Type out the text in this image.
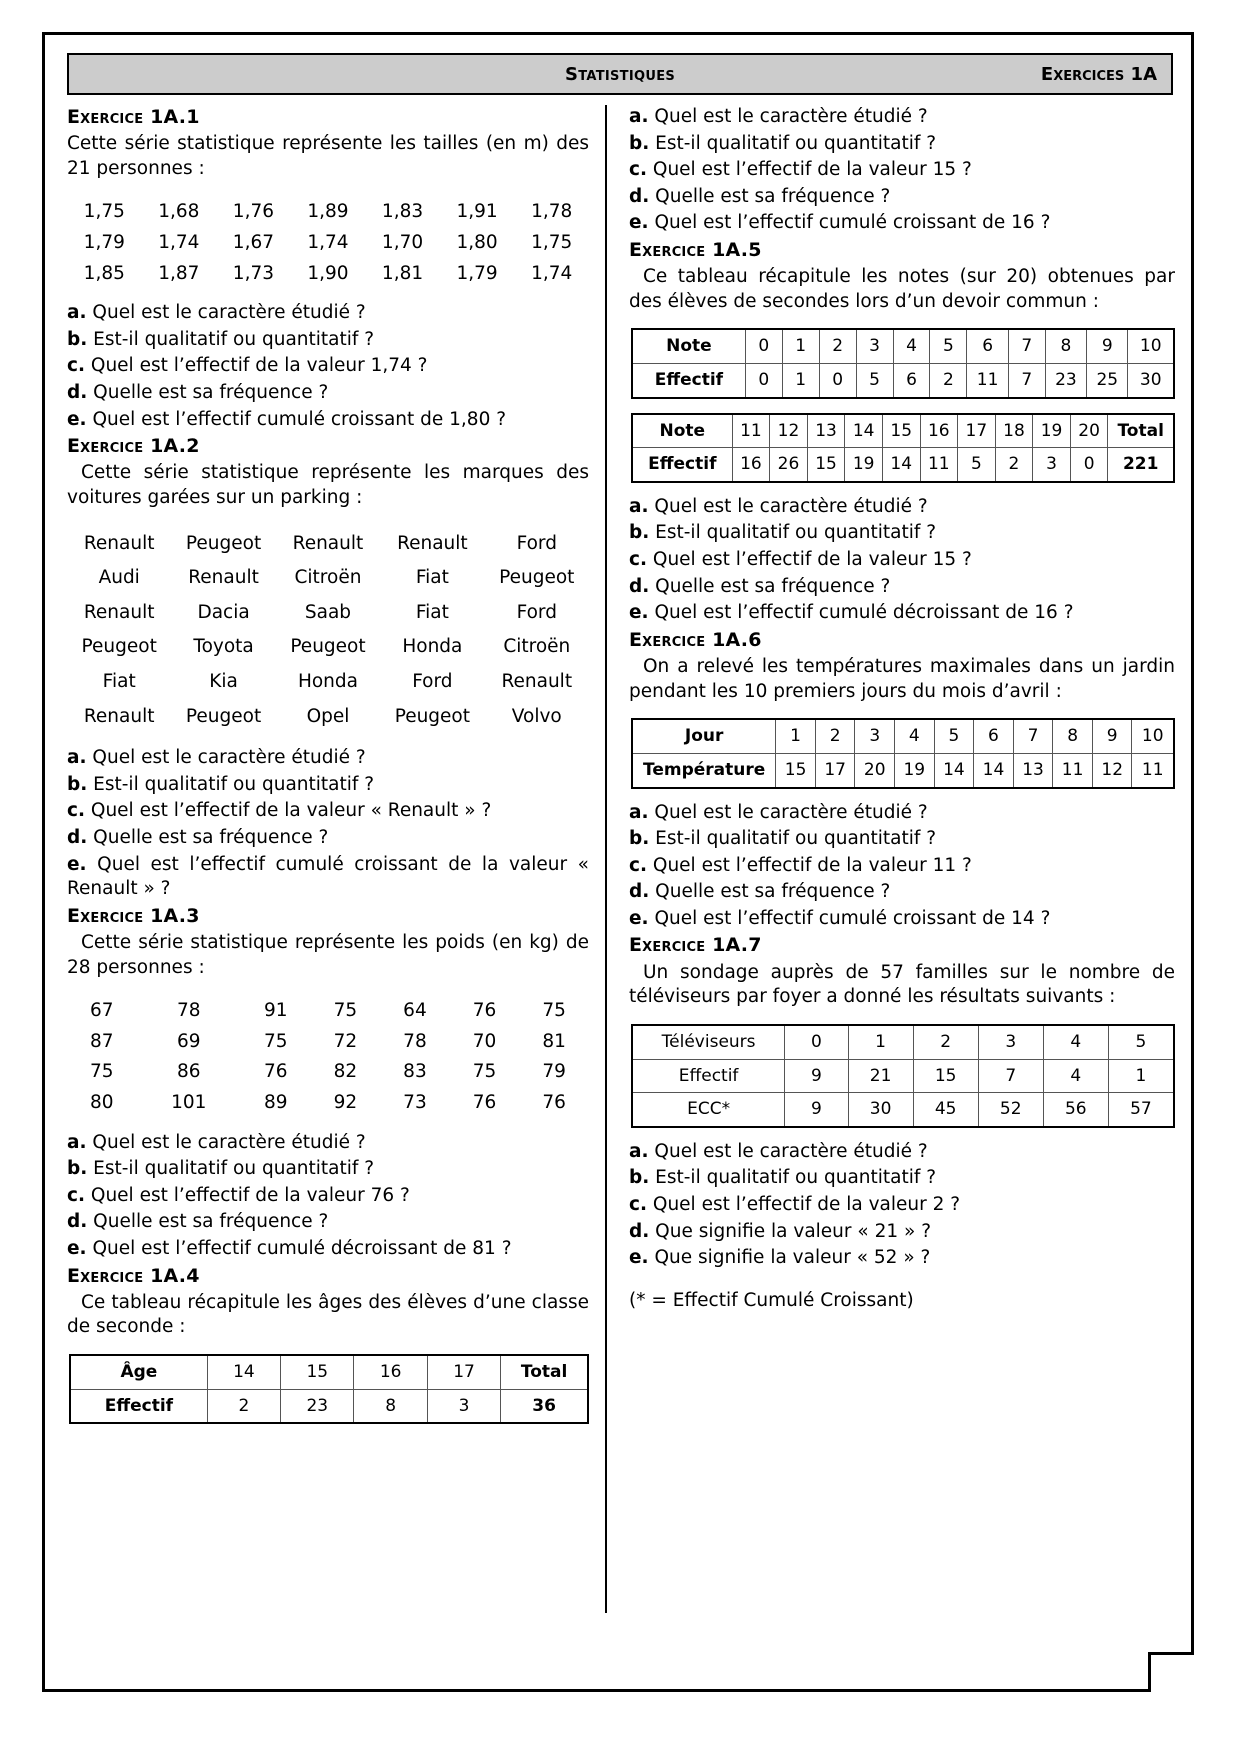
Statistiques	Exercices 1A
Exercice 1A.1

Cette série statistique représente les tailles (en m) des 21 personnes :

1,75	1,68	1,76	1,89	1,83	1,91	1,78
1,79	1,74	1,67	1,74	1,70	1,80	1,75
1,85	1,87	1,73	1,90	1,81	1,79	1,74
a. Quel est le caractère étudié ?
b. Est-il qualitatif ou quantitatif ?
c. Quel est l’effectif de la valeur 1,74 ?
d. Quelle est sa fréquence ?
e. Quel est l’effectif cumulé croissant de 1,80 ?
Exercice 1A.2

Cette série statistique représente les marques des voitures garées sur un parking :

Renault	Peugeot	Renault	Renault	Ford
Audi	Renault	Citroën	Fiat	Peugeot
Renault	Dacia	Saab	Fiat	Ford
Peugeot	Toyota	Peugeot	Honda	Citroën
Fiat	Kia	Honda	Ford	Renault
Renault	Peugeot	Opel	Peugeot	Volvo
a. Quel est le caractère étudié ?
b. Est-il qualitatif ou quantitatif ?
c. Quel est l’effectif de la valeur « Renault » ?
d. Quelle est sa fréquence ?
e. Quel est l’effectif cumulé croissant de la valeur « Renault » ?
Exercice 1A.3

Cette série statistique représente les poids (en kg) de 28 personnes :

67	78	91	75	64	76	75
87	69	75	72	78	70	81
75	86	76	82	83	75	79
80	101	89	92	73	76	76
a. Quel est le caractère étudié ?
b. Est-il qualitatif ou quantitatif ?
c. Quel est l’effectif de la valeur 76 ?
d. Quelle est sa fréquence ?
e. Quel est l’effectif cumulé décroissant de 81 ?
Exercice 1A.4

Ce tableau récapitule les âges des élèves d’une classe de seconde :

Âge	14	15	16	17	Total
Effectif	2	23	8	3	36
a. Quel est le caractère étudié ?
b. Est-il qualitatif ou quantitatif ?
c. Quel est l’effectif de la valeur 15 ?
d. Quelle est sa fréquence ?
e. Quel est l’effectif cumulé croissant de 16 ?
Exercice 1A.5

Ce tableau récapitule les notes (sur 20) obtenues par des élèves de secondes lors d’un devoir commun :

Note	0	1	2	3	4	5	6	7	8	9	10
Effectif	0	1	0	5	6	2	11	7	23	25	30
Note	11	12	13	14	15	16	17	18	19	20	Total
Effectif	16	26	15	19	14	11	5	2	3	0	221
a. Quel est le caractère étudié ?
b. Est-il qualitatif ou quantitatif ?
c. Quel est l’effectif de la valeur 15 ?
d. Quelle est sa fréquence ?
e. Quel est l’effectif cumulé décroissant de 16 ?
Exercice 1A.6

On a relevé les températures maximales dans un jardin pendant les 10 premiers jours du mois d’avril :

Jour	1	2	3	4	5	6	7	8	9	10
Température	15	17	20	19	14	14	13	11	12	11
a. Quel est le caractère étudié ?
b. Est-il qualitatif ou quantitatif ?
c. Quel est l’effectif de la valeur 11 ?
d. Quelle est sa fréquence ?
e. Quel est l’effectif cumulé croissant de 14 ?
Exercice 1A.7

Un sondage auprès de 57 familles sur le nombre de téléviseurs par foyer a donné les résultats suivants :

Téléviseurs	0	1	2	3	4	5
Effectif	9	21	15	7	4	1
ECC*	9	30	45	52	56	57
a. Quel est le caractère étudié ?
b. Est-il qualitatif ou quantitatif ?
c. Quel est l’effectif de la valeur 2 ?
d. Que signifie la valeur « 21 » ?
e. Que signifie la valeur « 52 » ?

(* = Effectif Cumulé Croissant)
